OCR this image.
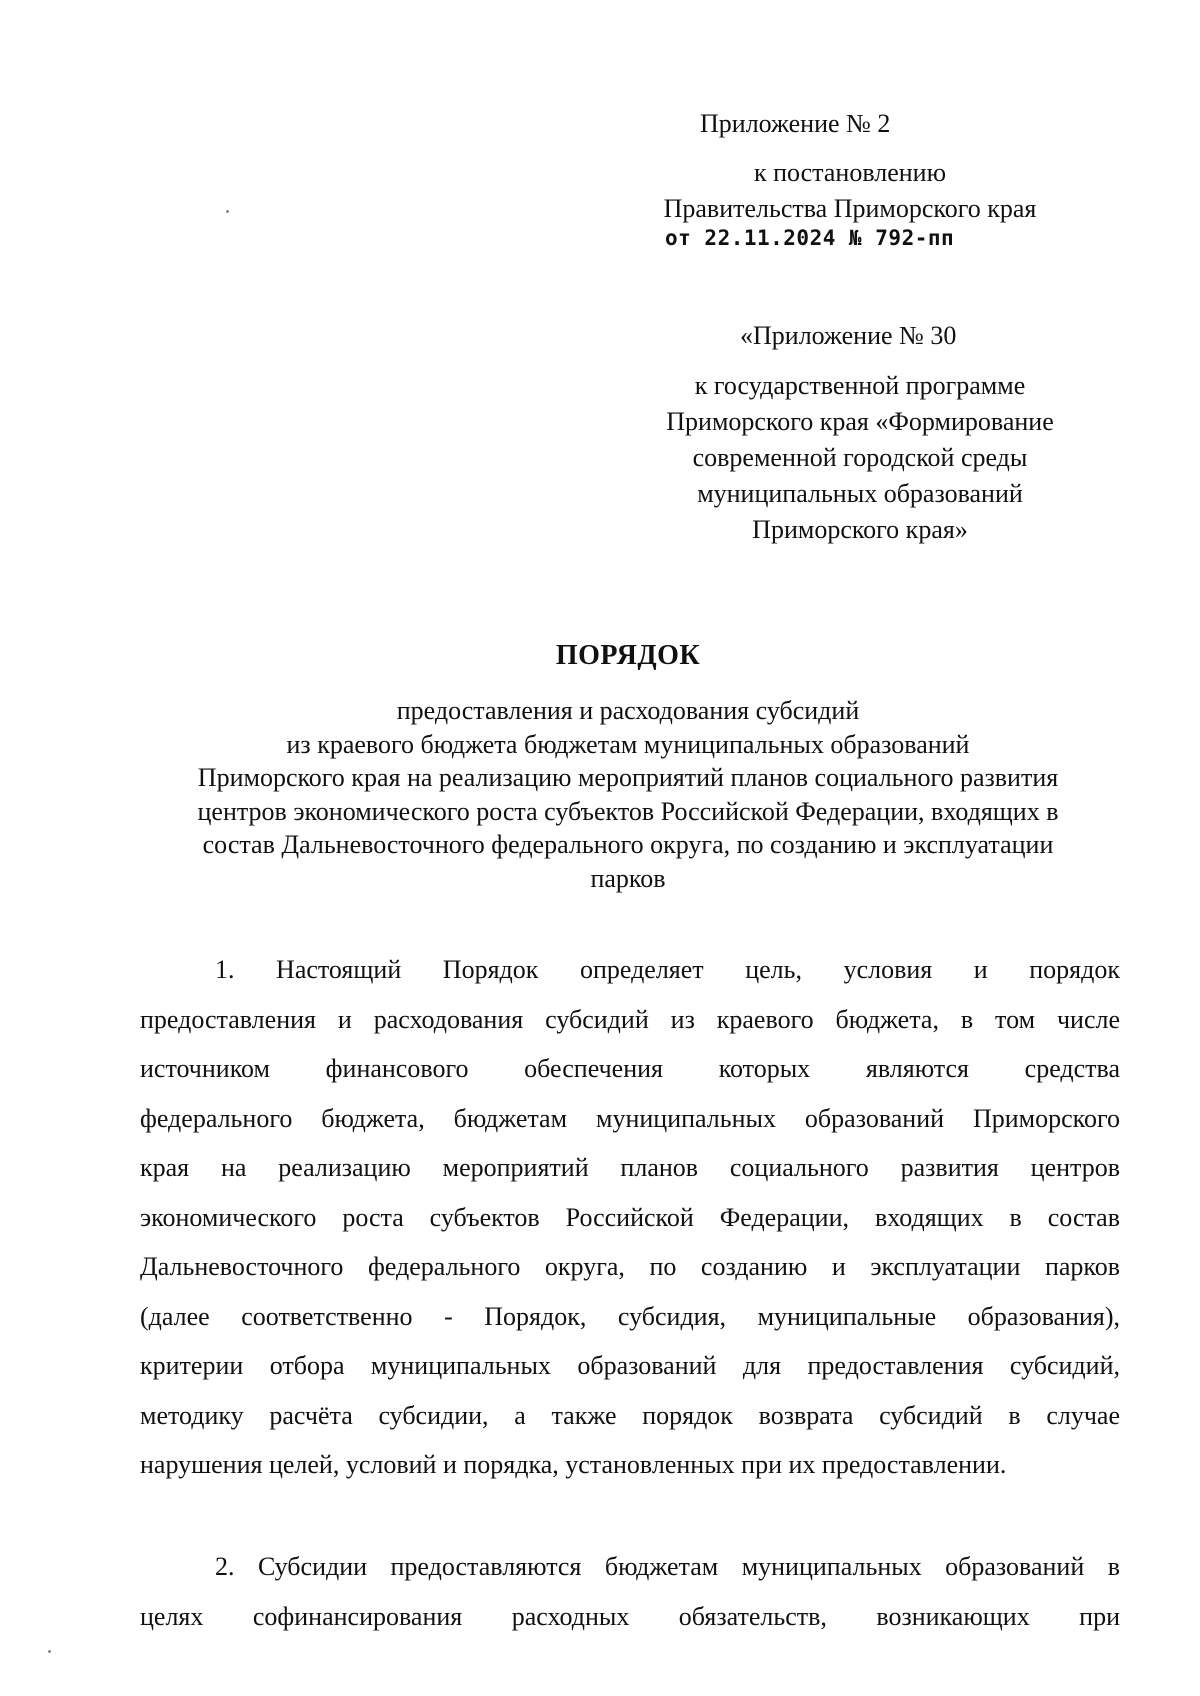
Приложение № 2
к постановлению
Правительства Приморского края
от 22.11.2024 № 792-пп
«Приложение № 30
к государственной программе
Приморского края «Формирование
современной городской среды
муниципальных образований
Приморского края»
ПОРЯДОК
предоставления и расходования субсидий
из краевого бюджета бюджетам муниципальных образований
Приморского края на реализацию мероприятий планов социального развития
центров экономического роста субъектов Российской Федерации, входящих в
состав Дальневосточного федерального округа, по созданию и эксплуатации
парков
1. Настоящий Порядок определяет цель, условия и порядок
предоставления и расходования субсидий из краевого бюджета, в том числе
источником финансового обеспечения которых являются средства
федерального бюджета, бюджетам муниципальных образований Приморского
края на реализацию мероприятий планов социального развития центров
экономического роста субъектов Российской Федерации, входящих в состав
Дальневосточного федерального округа, по созданию и эксплуатации парков
(далее соответственно - Порядок, субсидия, муниципальные образования),
критерии отбора муниципальных образований для предоставления субсидий,
методику расчёта субсидии, а также порядок возврата субсидий в случае
нарушения целей, условий и порядка, установленных при их предоставлении.
2. Субсидии предоставляются бюджетам муниципальных образований в
целях софинансирования расходных обязательств, возникающих при
